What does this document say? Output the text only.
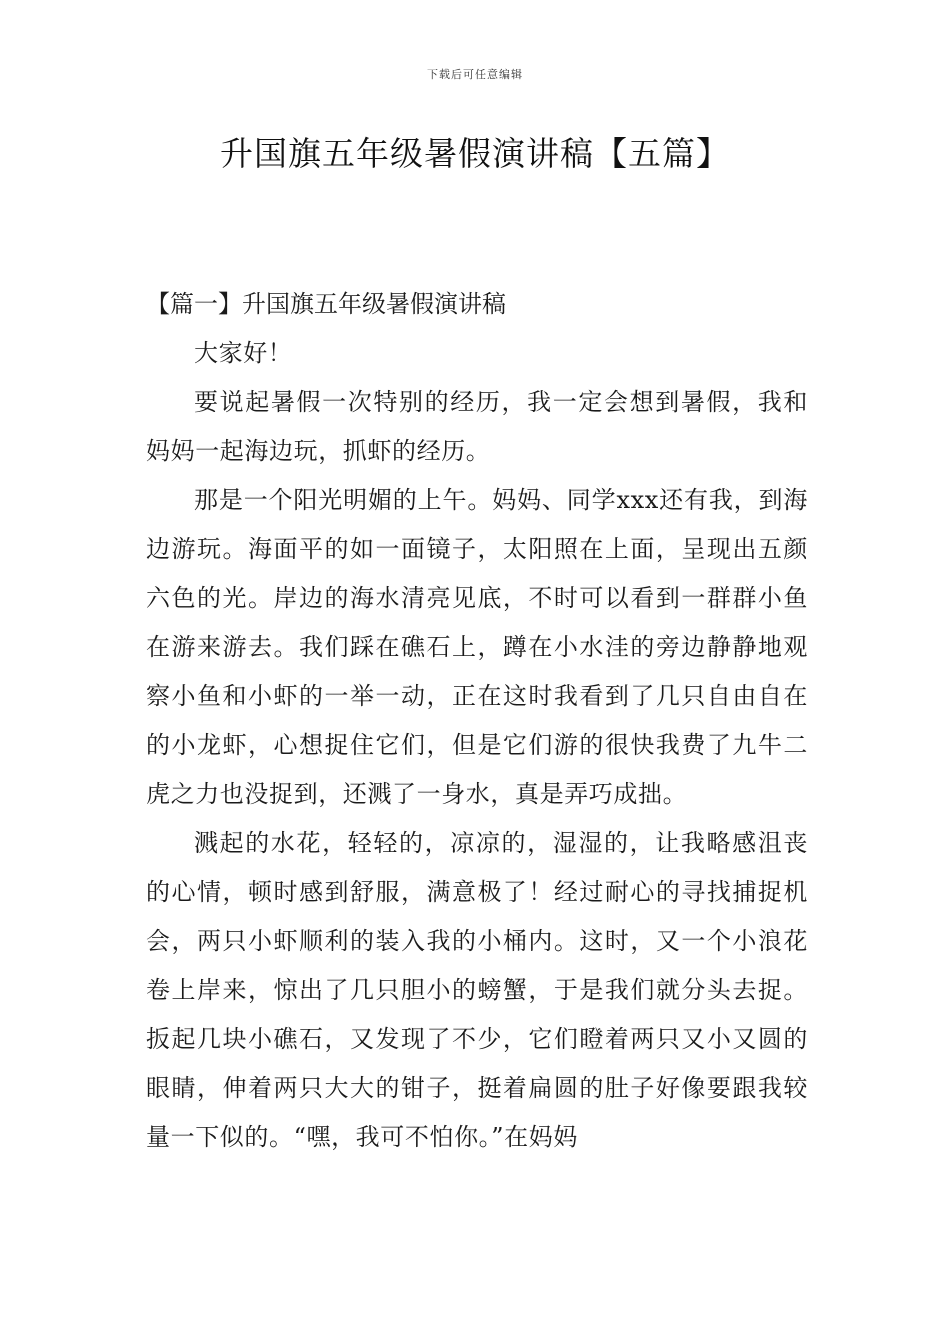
下载后可任意编辑
升国旗五年级暑假演讲稿【五篇】
【篇一】升国旗五年级暑假演讲稿

大家好！

要说起暑假一次特别的经历，我一定会想到暑假，我和妈妈一起海边玩，抓虾的经历。

那是一个阳光明媚的上午。妈妈、同学xxx还有我，到海边游玩。海面平的如一面镜子，太阳照在上面，呈现出五颜六色的光。岸边的海水清亮见底，不时可以看到一群群小鱼在游来游去。我们踩在礁石上，蹲在小水洼的旁边静静地观察小鱼和小虾的一举一动，正在这时我看到了几只自由自在的小龙虾，心想捉住它们，但是它们游的很快我费了九牛二虎之力也没捉到，还溅了一身水，真是弄巧成拙。

溅起的水花，轻轻的，凉凉的，湿湿的，让我略感沮丧的心情，顿时感到舒服，满意极了！经过耐心的寻找捕捉机会，两只小虾顺利的装入我的小桶内。这时，又一个小浪花卷上岸来，惊出了几只胆小的螃蟹，于是我们就分头去捉。扳起几块小礁石，又发现了不少，它们瞪着两只又小又圆的眼睛，伸着两只大大的钳子，挺着扁圆的肚子好像要跟我较量一下似的。“嘿，我可不怕你。”在妈妈
